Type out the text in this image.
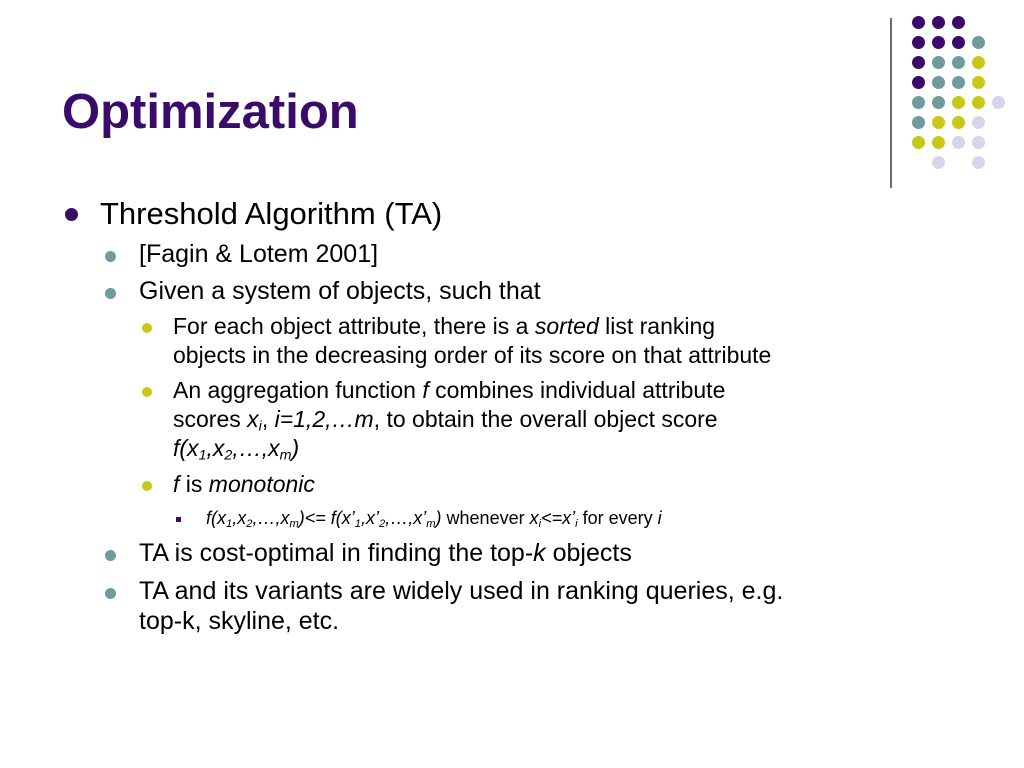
Optimization
Threshold Algorithm (TA)
[Fagin & Lotem 2001]
Given a system of objects, such that
For each object attribute, there is a sorted list ranking
objects in the decreasing order of its score on that attribute
An aggregation function f combines individual attribute
scores $x_i$, i=1,2,…m, to obtain the overall object score
$f(x_1,x_2,\dots,x_m)$
f is monotonic
$f(x_1,x_2,\dots,x_m)<=$ $f(x’_1,x’_2,\dots,x’_m)$ whenever $x_i<=x’_i$ for every i
TA is cost-optimal in finding the top-k objects
TA and its variants are widely used in ranking queries, e.g.
top-k, skyline, etc.
